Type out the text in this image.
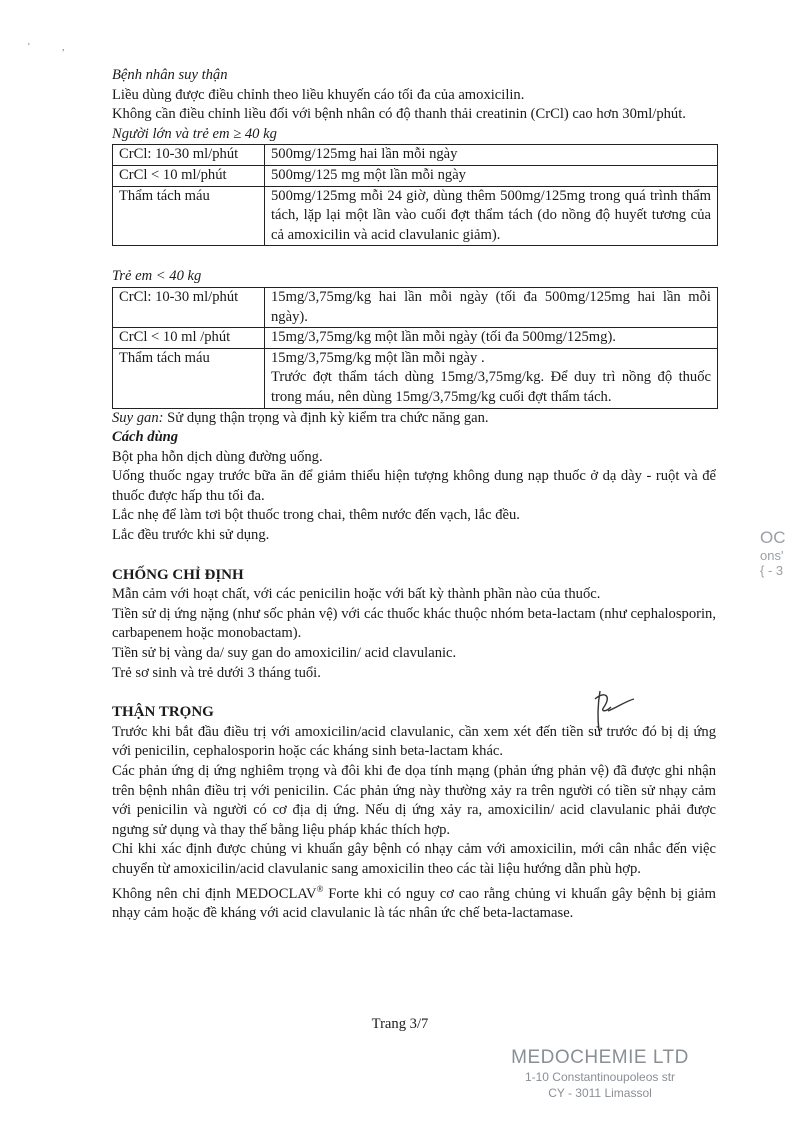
'	,

Bệnh nhân suy thận

Liều dùng được điều chỉnh theo liều khuyến cáo tối đa của amoxicilin.

Không cần điều chỉnh liều đối với bệnh nhân có độ thanh thải creatinin (CrCl) cao hơn 30ml/phút.

Người lớn và trẻ em ≥ 40 kg

CrCl: 10-30 ml/phút	500mg/125mg hai lần mỗi ngày
CrCl < 10 ml/phút	500mg/125 mg một lần mỗi ngày
Thẩm tách máu	500mg/125mg mỗi 24 giờ, dùng thêm 500mg/125mg trong quá trình thẩm tách, lặp lại một lần vào cuối đợt thẩm tách (do nồng độ huyết tương của cả amoxicilin và acid clavulanic giảm).

Trẻ em < 40 kg

CrCl: 10-30 ml/phút	15mg/3,75mg/kg hai lần mỗi ngày (tối đa 500mg/125mg hai lần mỗi ngày).
CrCl < 10 ml /phút	15mg/3,75mg/kg một lần mỗi ngày (tối đa 500mg/125mg).
Thẩm tách máu	15mg/3,75mg/kg một lần mỗi ngày .
Trước đợt thẩm tách dùng 15mg/3,75mg/kg. Để duy trì nồng độ thuốc trong máu, nên dùng 15mg/3,75mg/kg cuối đợt thẩm tách.

Suy gan: Sử dụng thận trọng và định kỳ kiểm tra chức năng gan.

Cách dùng

Bột pha hỗn dịch dùng đường uống.

Uống thuốc ngay trước bữa ăn để giảm thiểu hiện tượng không dung nạp thuốc ở dạ dày - ruột và để thuốc được hấp thu tối đa.

Lắc nhẹ để làm tơi bột thuốc trong chai, thêm nước đến vạch, lắc đều.

Lắc đều trước khi sử dụng.

CHỐNG CHỈ ĐỊNH

Mẫn cảm với hoạt chất, với các penicilin hoặc với bất kỳ thành phần nào của thuốc.

Tiền sử dị ứng nặng (như sốc phản vệ) với các thuốc khác thuộc nhóm beta-lactam (như cephalosporin, carbapenem hoặc monobactam).

Tiền sử bị vàng da/ suy gan do amoxicilin/ acid clavulanic.

Trẻ sơ sinh và trẻ dưới 3 tháng tuổi.

THẬN TRỌNG

Trước khi bắt đầu điều trị với amoxicilin/acid clavulanic, cần xem xét đến tiền sử trước đó bị dị ứng với penicilin, cephalosporin hoặc các kháng sinh beta-lactam khác.

Các phản ứng dị ứng nghiêm trọng và đôi khi đe dọa tính mạng (phản ứng phản vệ) đã được ghi nhận trên bệnh nhân điều trị với penicilin. Các phản ứng này thường xảy ra trên người có tiền sử nhạy cảm với penicilin và người có cơ địa dị ứng. Nếu dị ứng xảy ra, amoxicilin/ acid clavulanic phải được ngưng sử dụng và thay thế bằng liệu pháp khác thích hợp.

Chỉ khi xác định được chủng vi khuẩn gây bệnh có nhạy cảm với amoxicilin, mới cân nhắc đến việc chuyển từ amoxicilin/acid clavulanic sang amoxicilin theo các tài liệu hướng dẫn phù hợp.

Không nên chỉ định MEDOCLAV® Forte khi có nguy cơ cao rằng chủng vi khuẩn gây bệnh bị giảm nhạy cảm hoặc đề kháng với acid clavulanic là tác nhân ức chế beta-lactamase.

OC
ons'
{ - 3
Trang 3/7
MEDOCHEMIE LTD
1-10 Constantinoupoleos str
CY - 3011 Limassol
